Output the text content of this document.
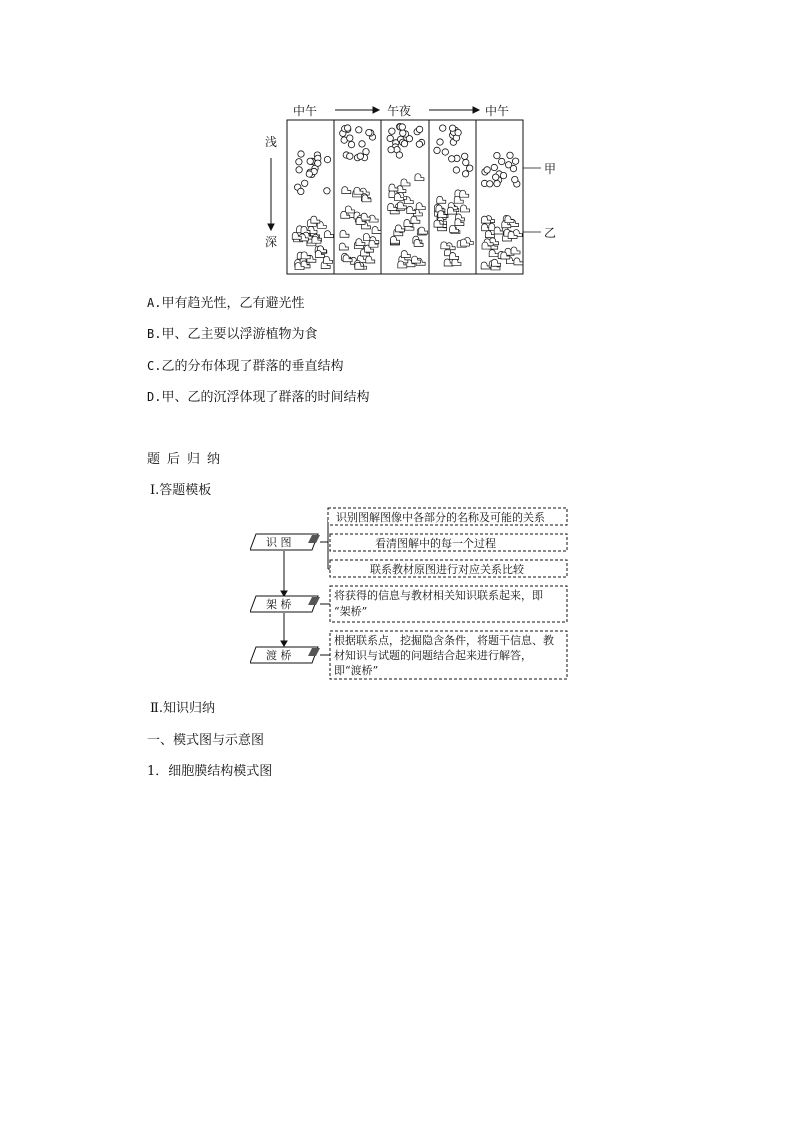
中午	午夜	中午
浅
深
甲
乙
A.甲有趋光性，乙有避光性
B.甲、乙主要以浮游植物为食
C.乙的分布体现了群落的垂直结构
D.甲、乙的沉浮体现了群落的时间结构
题后归纳
Ⅰ.答题模板
识 图
架 桥
渡 桥
识别图解图像中各部分的名称及可能的关系
看清图解中的每一个过程
联系教材原图进行对应关系比较
将获得的信息与教材相关知识联系起来，即
“架桥”
根据联系点，挖掘隐含条件，将题干信息、教
材知识与试题的问题结合起来进行解答，
即“渡桥”
Ⅱ.知识归纳
一、模式图与示意图
1．细胞膜结构模式图
